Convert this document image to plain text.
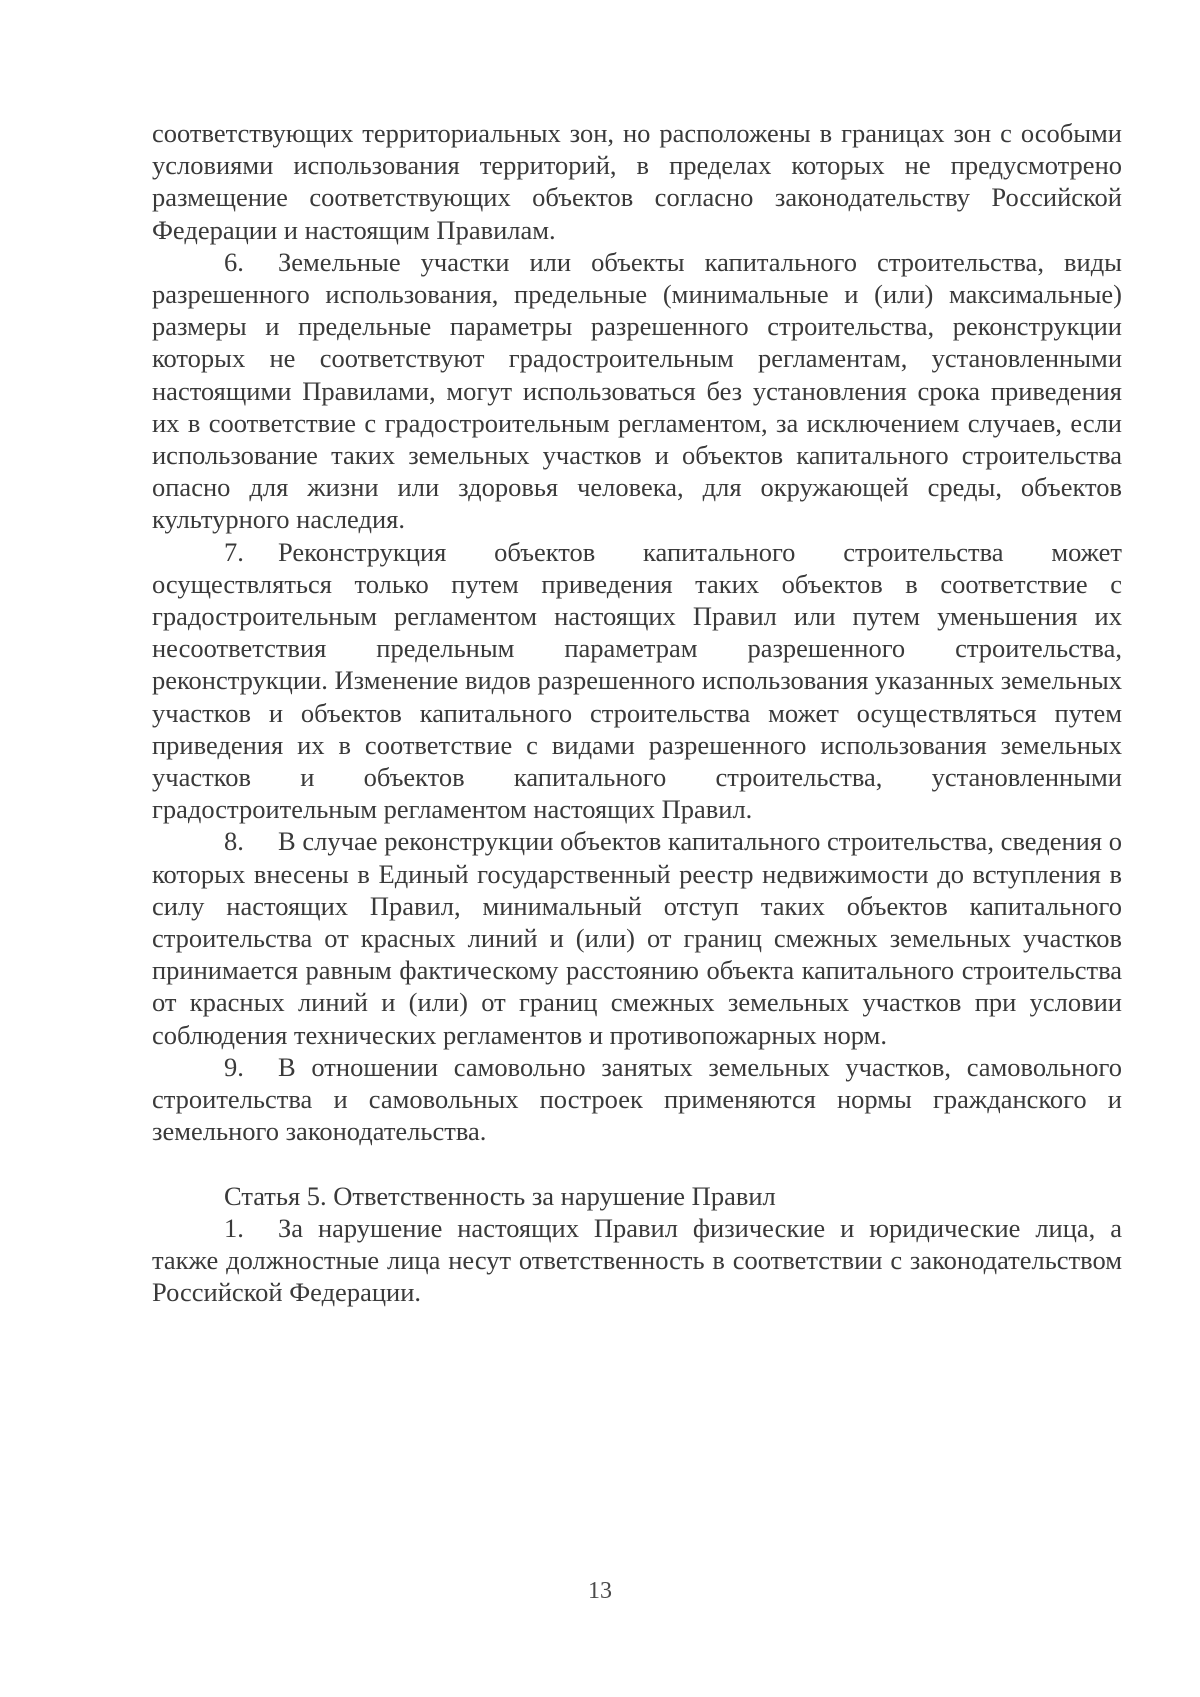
соответствующих территориальных зон, но расположены в границах зон с особыми условиями использования территорий, в пределах которых не предусмотрено размещение соответствующих объектов согласно законодательству Российской Федерации и настоящим Правилам.

6. Земельные участки или объекты капитального строительства, виды разрешенного использования, предельные (минимальные и (или) максимальные) размеры и предельные параметры разрешенного строительства, реконструкции которых не соответствуют градостроительным регламентам, установленными настоящими Правилами, могут использоваться без установления срока приведения их в соответствие с градостроительным регламентом, за исключением случаев, если использование таких земельных участков и объектов капитального строительства опасно для жизни или здоровья человека, для окружающей среды, объектов культурного наследия.

7. Реконструкция объектов капитального строительства может осуществляться только путем приведения таких объектов в соответствие с градостроительным регламентом настоящих Правил или путем уменьшения их несоответствия предельным параметрам разрешенного строительства, реконструкции. Изменение видов разрешенного использования указанных земельных участков и объектов капитального строительства может осуществляться путем приведения их в соответствие с видами разрешенного использования земельных участков и объектов капитального строительства, установленными градостроительным регламентом настоящих Правил.

8. В случае реконструкции объектов капитального строительства, сведения о которых внесены в Единый государственный реестр недвижимости до вступления в силу настоящих Правил, минимальный отступ таких объектов капитального строительства от красных линий и (или) от границ смежных земельных участков принимается равным фактическому расстоянию объекта капитального строительства от красных линий и (или) от границ смежных земельных участков при условии соблюдения технических регламентов и противопожарных норм.

9. В отношении самовольно занятых земельных участков, самовольного строительства и самовольных построек применяются нормы гражданского и земельного законодательства.

Статья 5. Ответственность за нарушение Правил

1. За нарушение настоящих Правил физические и юридические лица, а также должностные лица несут ответственность в соответствии с законодательством Российской Федерации.

13
